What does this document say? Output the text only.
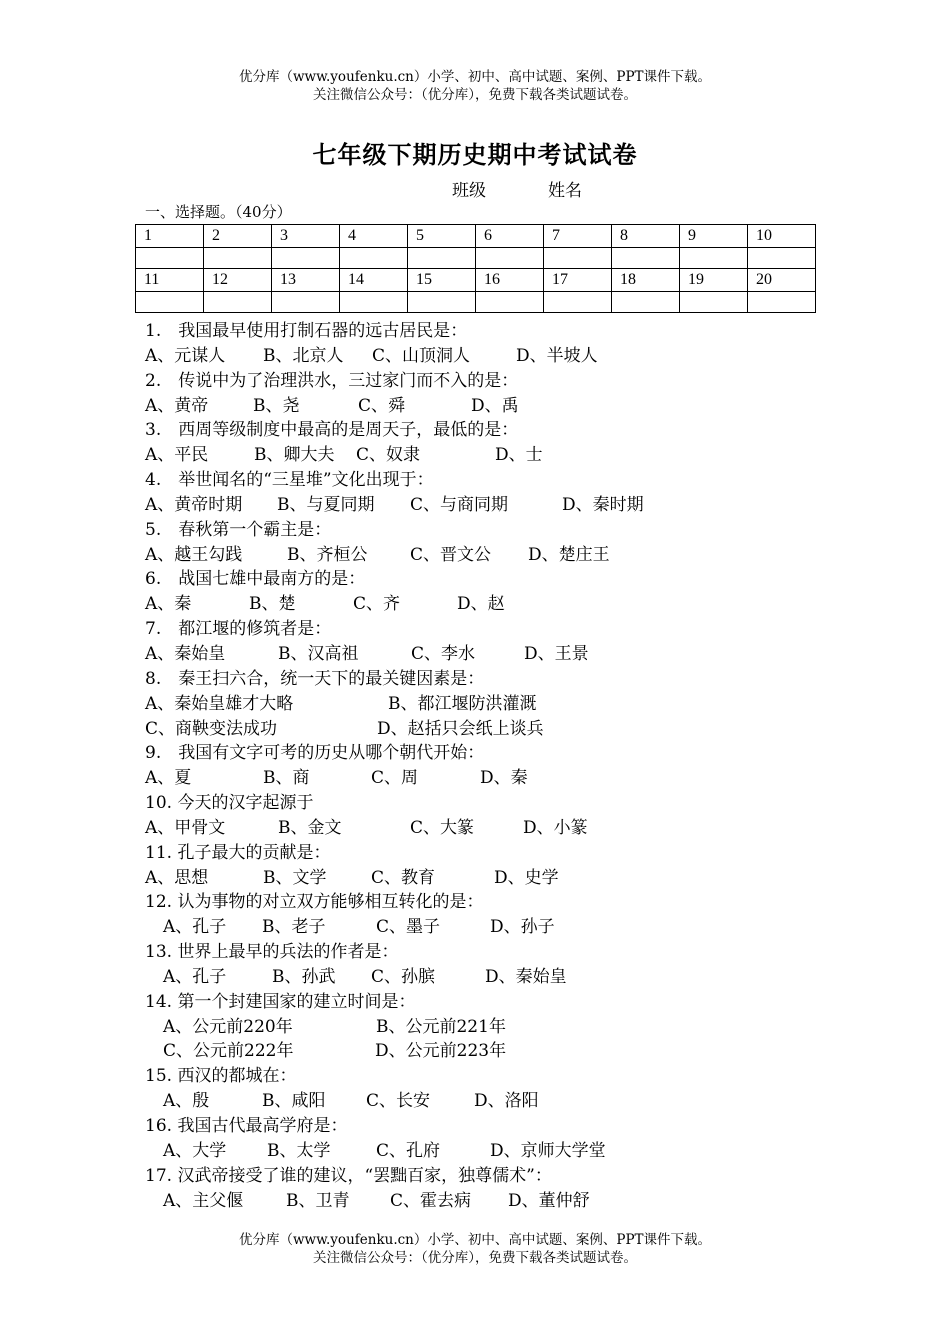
优分库（www.youfenku.cn）小学、初中、高中试题、案例、PPT课件下载。
关注微信公众号：（优分库），免费下载各类试题试卷。
七年级下期历史期中考试试卷
班级	姓名
一、选择题。（40分）
1	2	3	4	5	6	7	8	9	10

11	12	13	14	15	16	17	18	19	20

1.　我国最早使用打制石器的远古居民是：
A、元谋人 B、北京人 C、山顶洞人	D、半坡人
2.　传说中为了治理洪水，三过家门而不入的是：
A、黄帝	B、尧	C、舜	D、禹
3.　西周等级制度中最高的是周天子，最低的是：
A、平民	B、卿大夫 C、奴隶	D、士
4.　举世闻名的“三星堆”文化出现于：
A、黄帝时期 B、与夏同期 C、与商同期	D、秦时期
5.　春秋第一个霸主是：
A、越王勾践	B、齐桓公	C、晋文公 D、楚庄王
6.　战国七雄中最南方的是：
A、秦	B、楚	C、齐	D、赵
7.　都江堰的修筑者是：
A、秦始皇	B、汉高祖	C、李水	D、王景
8.　秦王扫六合，统一天下的最关键因素是：
A、秦始皇雄才大略	B、都江堰防洪灌溉
C、商鞅变法成功	D、赵括只会纸上谈兵
9.　我国有文字可考的历史从哪个朝代开始：
A、夏	B、商	C、周	D、秦
10. 今天的汉字起源于
A、甲骨文	B、金文	C、大篆	D、小篆
11. 孔子最大的贡献是：
A、思想	B、文学	C、教育	D、史学
12. 认为事物的对立双方能够相互转化的是：
A、孔子 B、老子	C、墨子	D、孙子
13. 世界上最早的兵法的作者是：
A、孔子	B、孙武 C、孙膑	D、秦始皇
14. 第一个封建国家的建立时间是：
A、公元前220年	B、公元前221年
C、公元前222年	D、公元前223年
15. 西汉的都城在：
A、殷	B、咸阳 C、长安	D、洛阳
16. 我国古代最高学府是：
A、大学 B、太学	C、孔府	D、京师大学堂
17. 汉武帝接受了谁的建议，“罢黜百家，独尊儒术”：
A、主父偃	B、卫青 C、霍去病 D、董仲舒
优分库（www.youfenku.cn）小学、初中、高中试题、案例、PPT课件下载。
关注微信公众号：（优分库），免费下载各类试题试卷。
